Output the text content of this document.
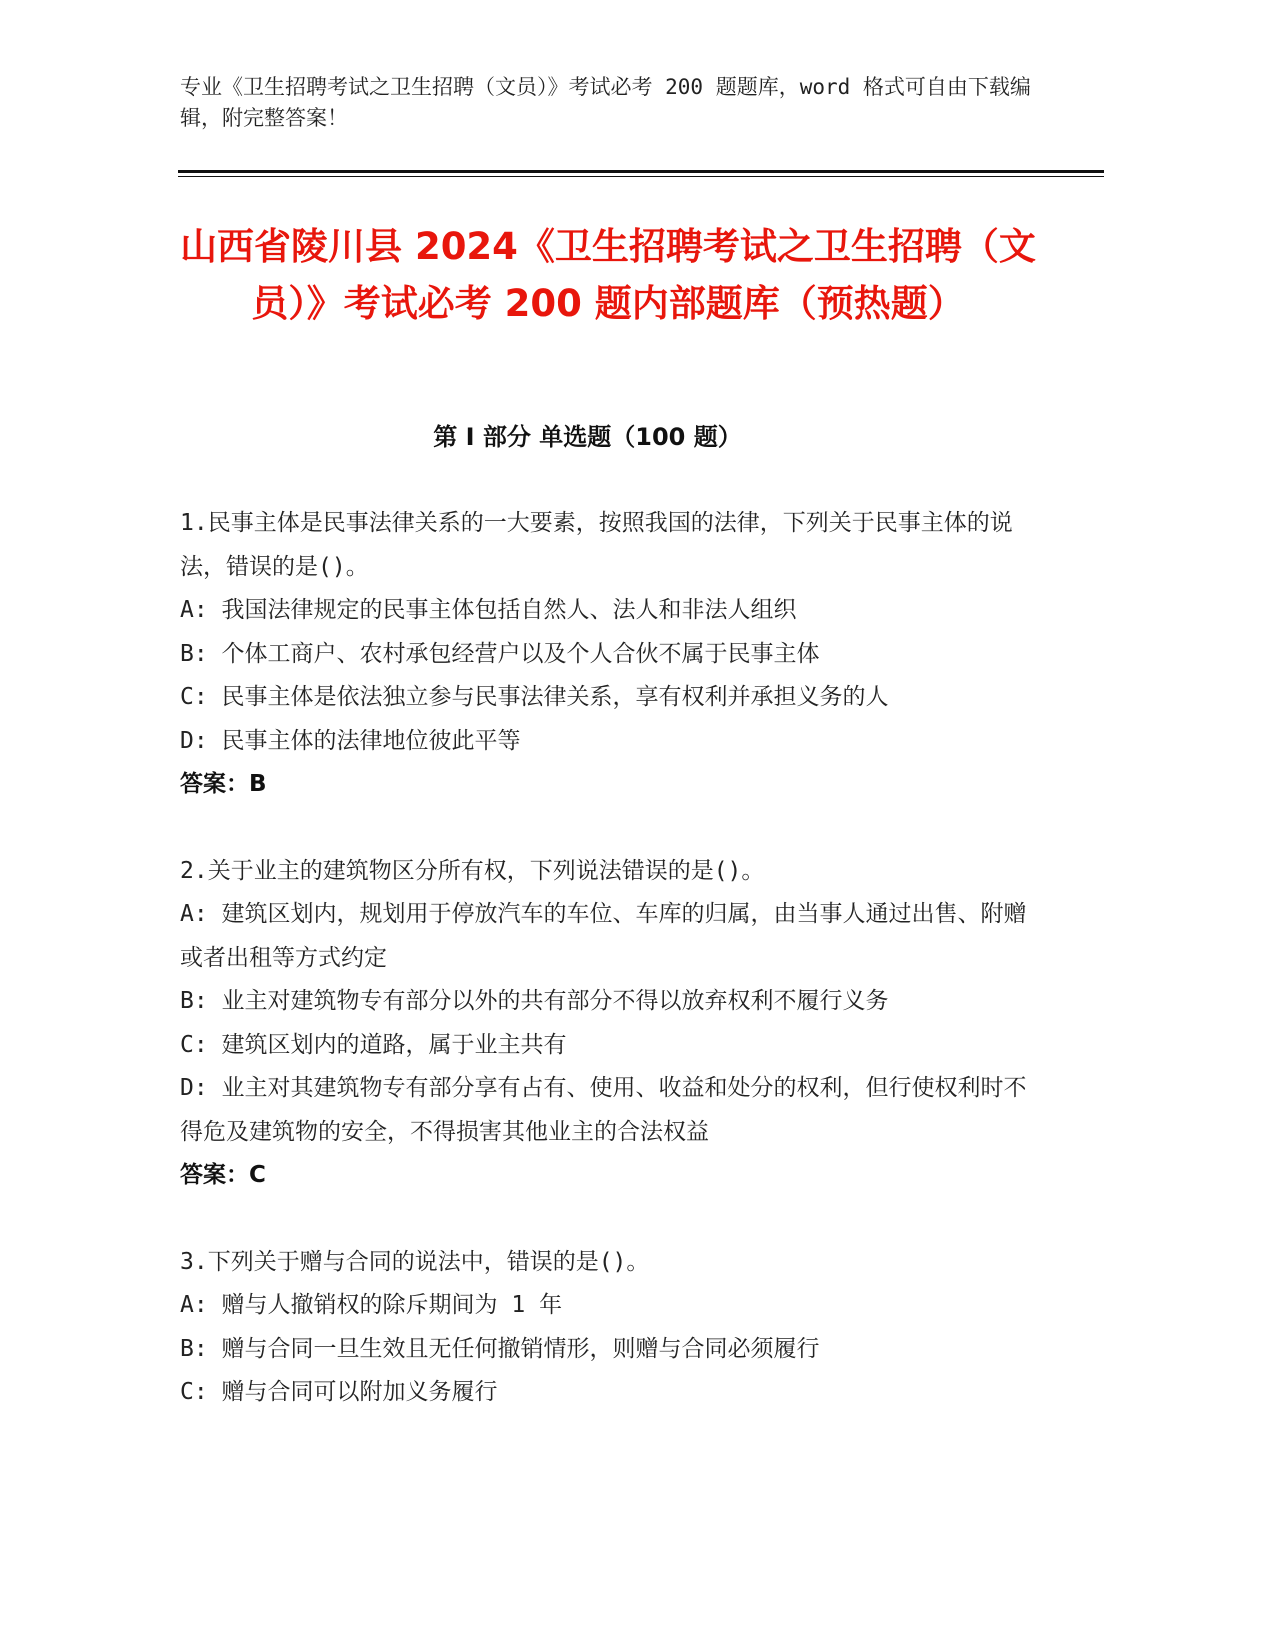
专业《卫生招聘考试之卫生招聘（文员）》考试必考 200 题题库，word 格式可自由下载编辑，附完整答案！
山西省陵川县 2024《卫生招聘考试之卫生招聘（文员）》考试必考 200 题内部题库（预热题）
第 I 部分 单选题（100 题）

1.民事主体是民事法律关系的一大要素，按照我国的法律，下列关于民事主体的说法，错误的是()。

A: 我国法律规定的民事主体包括自然人、法人和非法人组织

B: 个体工商户、农村承包经营户以及个人合伙不属于民事主体

C: 民事主体是依法独立参与民事法律关系，享有权利并承担义务的人

D: 民事主体的法律地位彼此平等

答案：B

2.关于业主的建筑物区分所有权，下列说法错误的是()。

A: 建筑区划内，规划用于停放汽车的车位、车库的归属，由当事人通过出售、附赠或者出租等方式约定

B: 业主对建筑物专有部分以外的共有部分不得以放弃权利不履行义务

C: 建筑区划内的道路，属于业主共有

D: 业主对其建筑物专有部分享有占有、使用、收益和处分的权利，但行使权利时不得危及建筑物的安全，不得损害其他业主的合法权益

答案：C

3.下列关于赠与合同的说法中，错误的是()。

A: 赠与人撤销权的除斥期间为 1 年

B: 赠与合同一旦生效且无任何撤销情形，则赠与合同必须履行

C: 赠与合同可以附加义务履行
